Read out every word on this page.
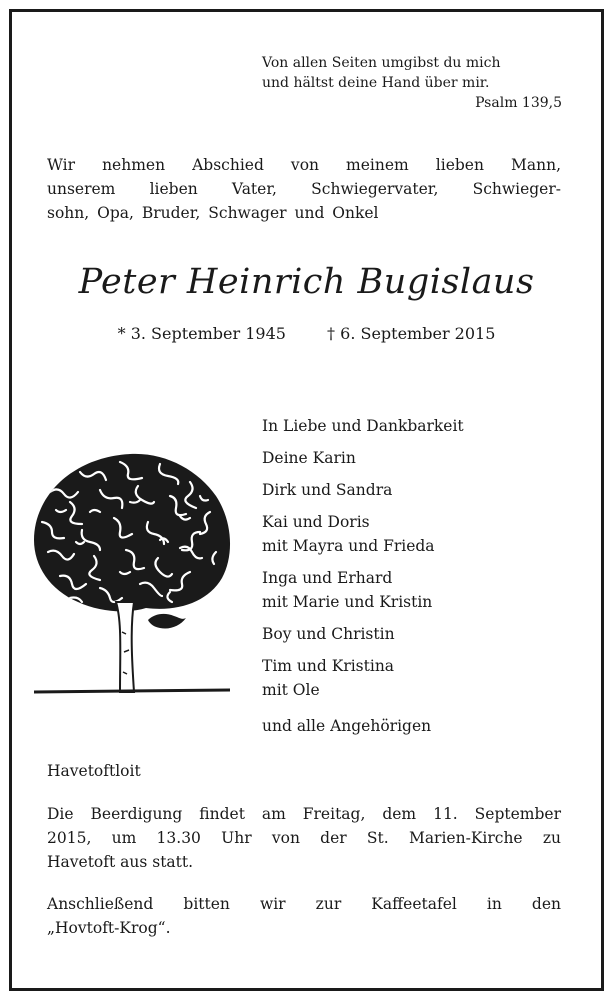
Von allen Seiten umgibst du mich
und hältst deine Hand über mir.
Psalm 139,5
Wir nehmen Abschied von meinem lieben Mann,
unserem lieben Vater, Schwiegervater, Schwieger-
sohn, Opa, Bruder, Schwager und Onkel
Peter Heinrich Bugislaus
* 3. September 1945	† 6. September 2015
In Liebe und Dankbarkeit
Deine Karin
Dirk und Sandra
Kai und Doris
mit Mayra und Frieda
Inga und Erhard
mit Marie und Kristin
Boy und Christin
Tim und Kristina
mit Ole
und alle Angehörigen
Havetoftloit
Die Beerdigung findet am Freitag, dem 11. September
2015, um 13.30 Uhr von der St. Marien-Kirche zu
Havetoft aus statt.
Anschließend bitten wir zur Kaffeetafel in den
„Hovtoft-Krog“.
